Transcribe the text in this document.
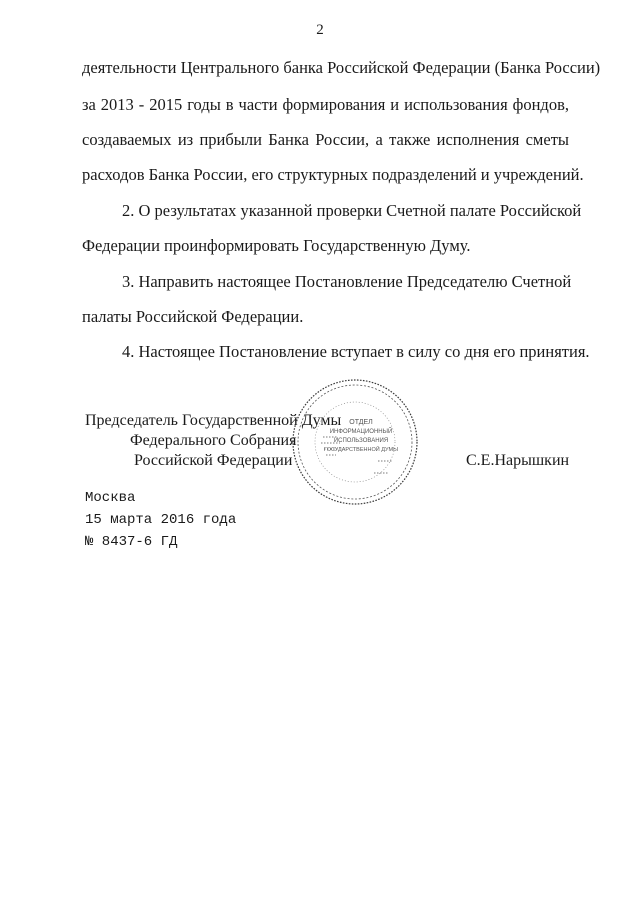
2
деятельности Центрального банка Российской Федерации (Банка России)
за 2013 - 2015 годы в части формирования и использования фондов,
создаваемых из прибыли Банка России, а также исполнения сметы
расходов Банка России, его структурных подразделений и учреждений.
2. О результатах указанной проверки Счетной палате Российской
Федерации проинформировать Государственную Думу.
3. Направить настоящее Постановление Председателю Счетной
палаты Российской Федерации.
4. Настоящее Постановление вступает в силу со дня его принятия.
Председатель Государственной Думы
Федерального Собрания
Российской Федерации	С.Е.Нарышкин
ОТДЕЛ
ИНФОРМАЦИОННЫЙ
ИСПОЛЬЗОВАНИЯ
ГОСУДАРСТВЕННОЙ ДУМЫ
Москва
15 марта 2016 года
№ 8437-6 ГД
